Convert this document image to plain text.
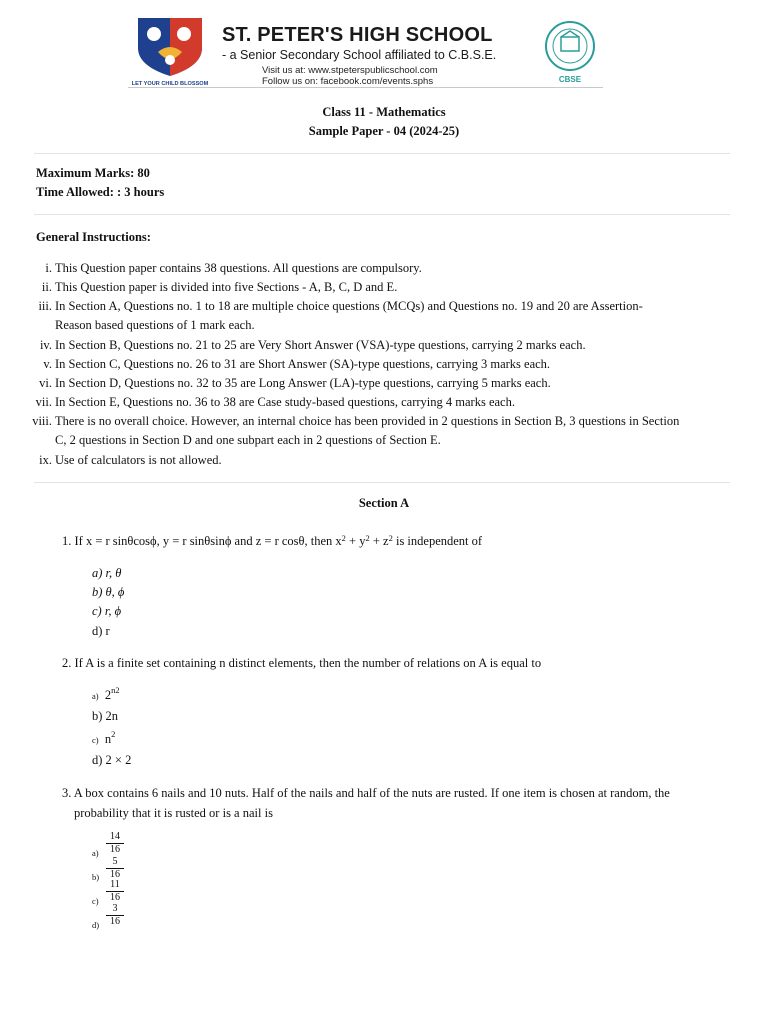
LET YOUR CHILD BLOSSOM
ST. PETER'S HIGH SCHOOL
- a Senior Secondary School affiliated to C.B.S.E.
Visit us at: www.stpeterspublicschool.com
Follow us on: facebook.com/events.sphs	CBSE
Class 11 - Mathematics
Sample Paper - 04 (2024-25)
Maximum Marks: 80
Time Allowed: : 3 hours
General Instructions:
i. This Question paper contains 38 questions. All questions are compulsory.
ii. This Question paper is divided into five Sections - A, B, C, D and E.
iii. In Section A, Questions no. 1 to 18 are multiple choice questions (MCQs) and Questions no. 19 and 20 are Assertion-
Reason based questions of 1 mark each.
iv. In Section B, Questions no. 21 to 25 are Very Short Answer (VSA)-type questions, carrying 2 marks each.
v. In Section C, Questions no. 26 to 31 are Short Answer (SA)-type questions, carrying 3 marks each.
vi. In Section D, Questions no. 32 to 35 are Long Answer (LA)-type questions, carrying 5 marks each.
vii. In Section E, Questions no. 36 to 38 are Case study-based questions, carrying 4 marks each.
viii. There is no overall choice. However, an internal choice has been provided in 2 questions in Section B, 3 questions in Section
C, 2 questions in Section D and one subpart each in 2 questions of Section E.
ix. Use of calculators is not allowed.
Section A
1. If x = r sinθcosϕ, y = r sinθsinϕ and z = r cosθ, then $x^2 + y^2 + z^2$ is independent of
a) r, θ
b) θ, ϕ
c) r, ϕ
d) r
2. If A is a finite set containing n distinct elements, then the number of relations on A is equal to
a) $2^{n2}$
b) 2n
c) $n^2$
d) 2 × 2
3. A box contains 6 nails and 10 nuts. Half of the nails and half of the nuts are rusted. If one item is chosen at random, the
probability that it is rusted or is a nail is
a)
14
16
b)
5
16
c)
11
16
d)
3
16
